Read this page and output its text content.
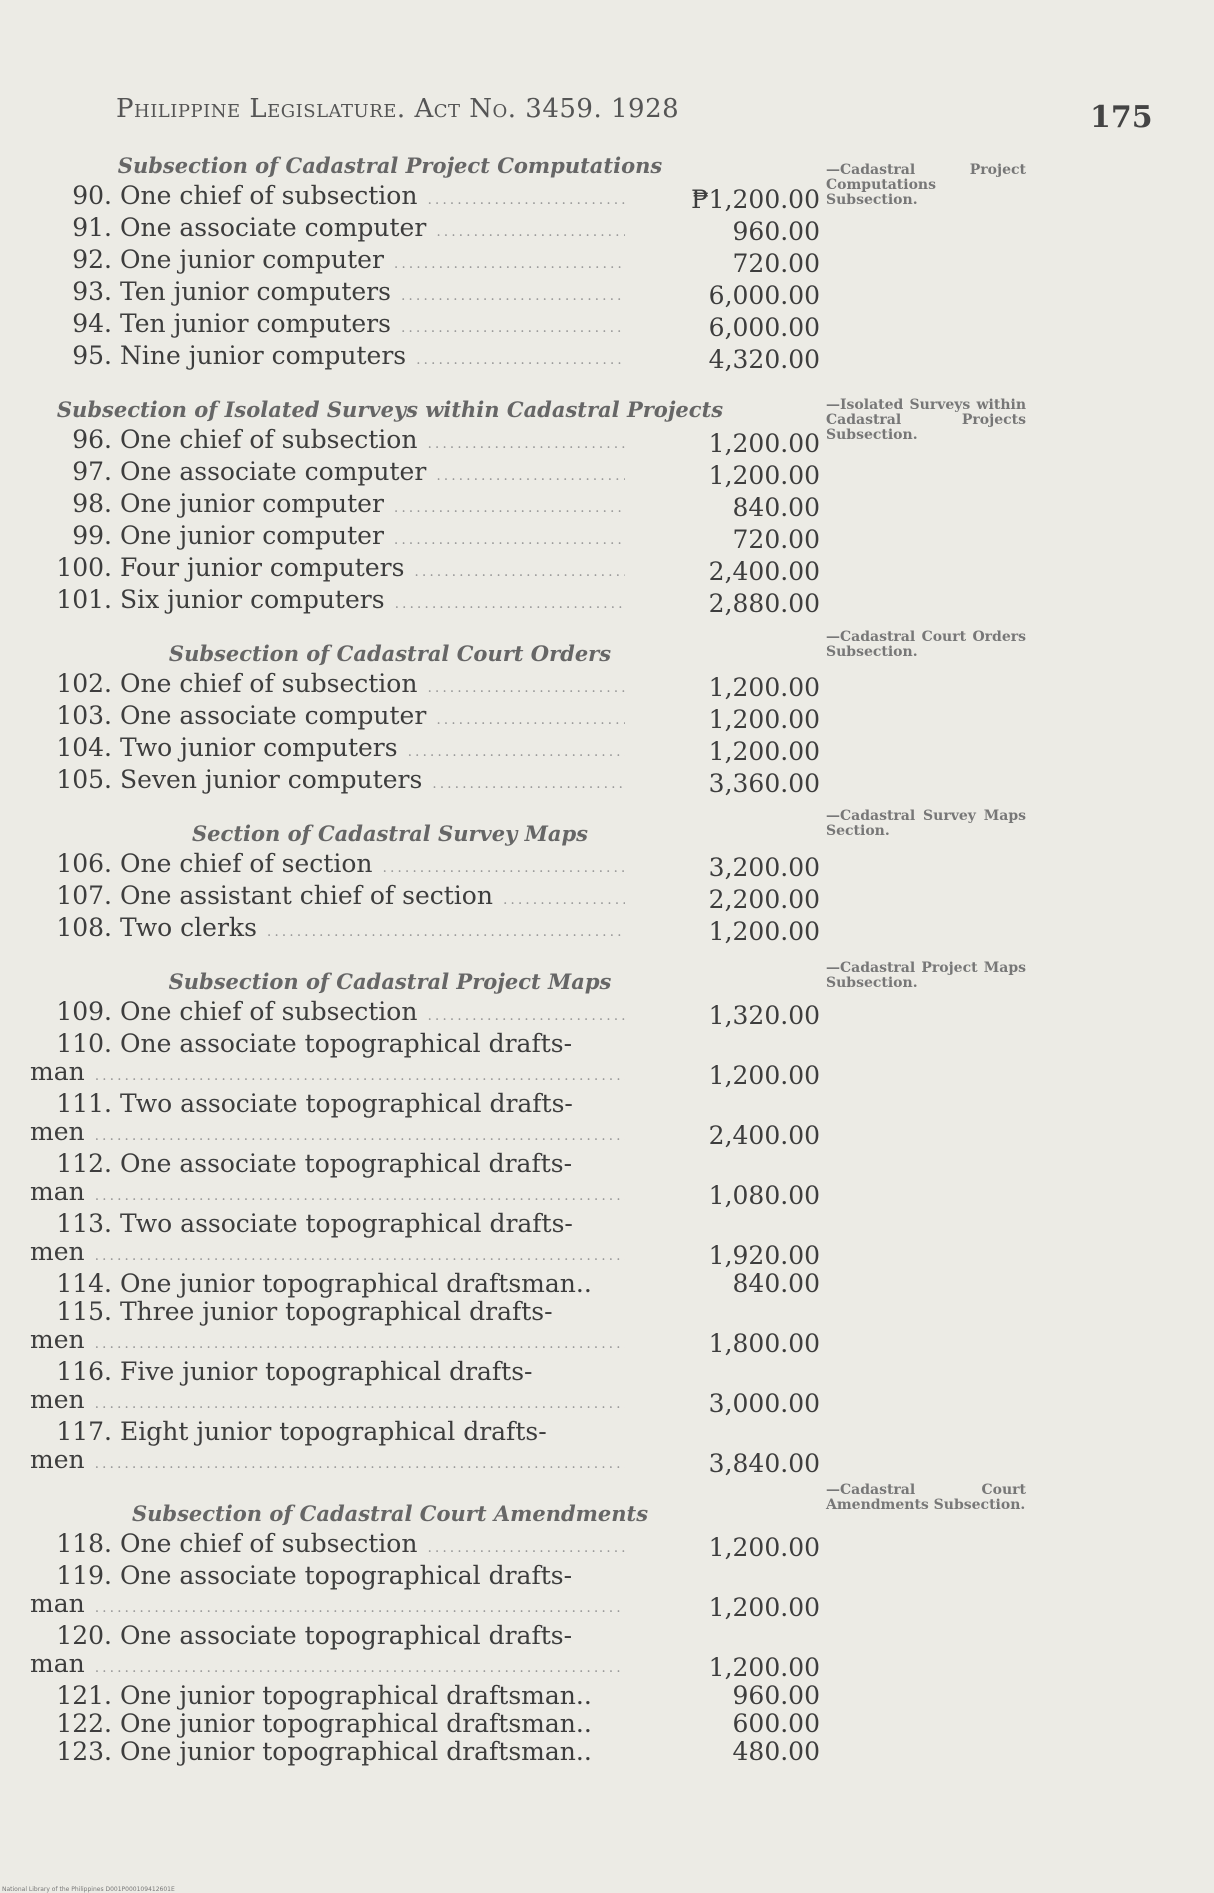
Philippine Legislature. Act No. 3459. 1928	175
Subsection of Cadastral Project Computations
90. One chief of subsection .....	₱1,200.00
91. One associate computer .....	960.00
92. One junior computer .....	720.00
93. Ten junior computers .....	6,000.00
94. Ten junior computers .....	6,000.00
95. Nine junior computers .....	4,320.00
Subsection of Isolated Surveys within Cadastral Projects
96. One chief of subsection .....	1,200.00
97. One associate computer .....	1,200.00
98. One junior computer .....	840.00
99. One junior computer .....	720.00
100. Four junior computers .....	2,400.00
101. Six junior computers .....	2,880.00
Subsection of Cadastral Court Orders
102. One chief of subsection .....	1,200.00
103. One associate computer .....	1,200.00
104. Two junior computers .....	1,200.00
105. Seven junior computers .....	3,360.00
Section of Cadastral Survey Maps
106. One chief of section .....	3,200.00
107. One assistant chief of section .....	2,200.00
108. Two clerks .....	1,200.00
Subsection of Cadastral Project Maps
109. One chief of subsection .....	1,320.00
110. One associate topographical drafts-
man .....	1,200.00
111. Two associate topographical drafts-
men .....	2,400.00
112. One associate topographical drafts-
man .....	1,080.00
113. Two associate topographical drafts-
men .....	1,920.00
114. One junior topographical draftsman..	840.00
115. Three junior topographical drafts-
men .....	1,800.00
116. Five junior topographical drafts-
men .....	3,000.00
117. Eight junior topographical drafts-
men .....	3,840.00
Subsection of Cadastral Court Amendments
118. One chief of subsection .....	1,200.00
119. One associate topographical drafts-
man .....	1,200.00
120. One associate topographical drafts-
man .....	1,200.00
121. One junior topographical draftsman..	960.00
122. One junior topographical draftsman..	600.00
123. One junior topographical draftsman..	480.00
—Cadastral Project Computations Subsection.
—Isolated Surveys within Cadastral Projects Subsection.
—Cadastral Court Orders Subsection.
—Cadastral Survey Maps Section.
—Cadastral Project Maps Subsection.
—Cadastral Court Amendments Subsection.
National Library of the Philippines D001P000109412601E
